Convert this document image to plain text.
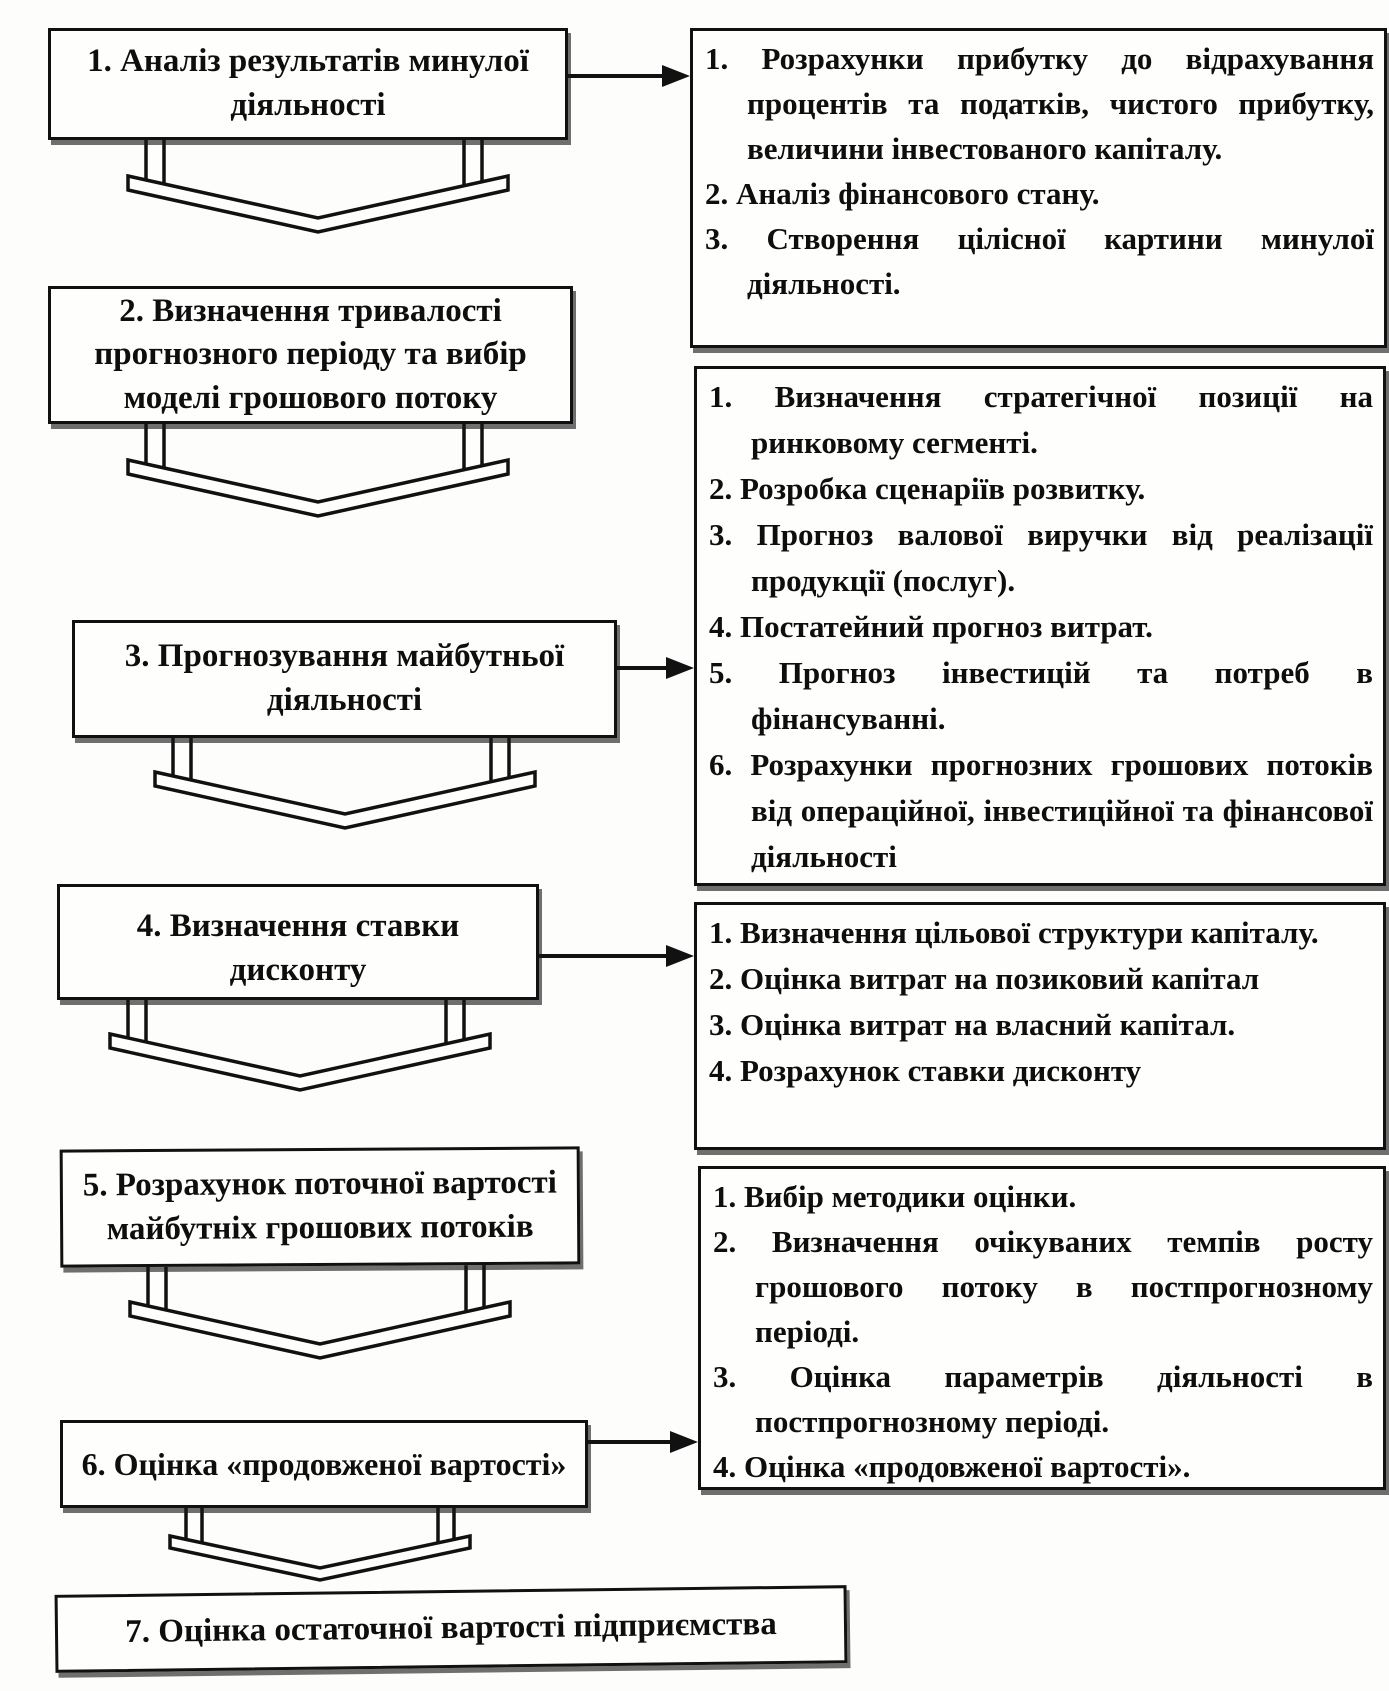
1. Аналіз результатів минулої діяльності
2. Визначення тривалості прогнозного періоду та вибір моделі грошового потоку
3. Прогнозування майбутньої діяльності
4. Визначення ставки дисконту
5. Розрахунок поточної вартості майбутніх грошових потоків
6. Оцінка «продовженої вартості»
7. Оцінка остаточної вартості підприємства
1. Розрахунки прибутку до відрахування процентів та податків, чистого прибутку, величини інвестованого капіталу.
2. Аналіз фінансового стану.
3. Створення цілісної картини минулої діяльності.
1. Визначення стратегічної позиції на ринковому сегменті.
2. Розробка сценаріїв розвитку.
3. Прогноз валової виручки від реалізації продукції (послуг).
4. Постатейний прогноз витрат.
5. Прогноз інвестицій та потреб в фінансуванні.
6. Розрахунки прогнозних грошових потоків від операційної, інвестиційної та фінансової діяльності
1. Визначення цільової структури капіталу.
2. Оцінка витрат на позиковий капітал
3. Оцінка витрат на власний капітал.
4. Розрахунок ставки дисконту
1. Вибір методики оцінки.
2. Визначення очікуваних темпів росту грошового потоку в постпрогнозному періоді.
3. Оцінка параметрів діяльності в постпрогнозному періоді.
4. Оцінка «продовженої вартості».
